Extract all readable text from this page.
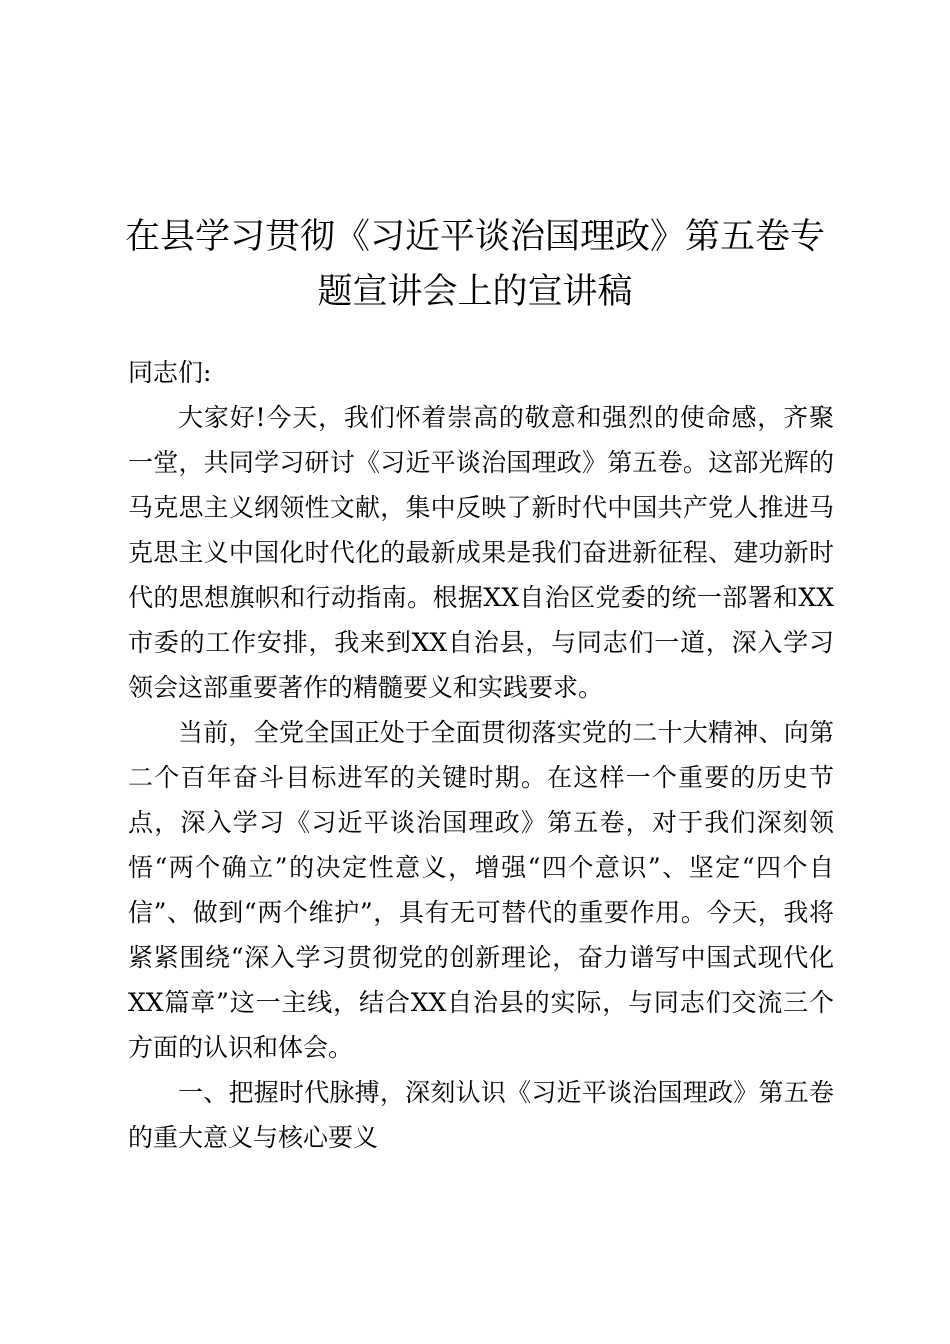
在县学习贯彻《习近平谈治国理政》第五卷专题宣讲会上的宣讲稿

同志们:

大家好!今天，我们怀着崇高的敬意和强烈的使命感，齐聚一堂，共同学习研讨《习近平谈治国理政》第五卷。这部光辉的马克思主义纲领性文献，集中反映了新时代中国共产党人推进马克思主义中国化时代化的最新成果是我们奋进新征程、建功新时代的思想旗帜和行动指南。根据XX自治区党委的统一部署和XX市委的工作安排，我来到XX自治县，与同志们一道，深入学习领会这部重要著作的精髓要义和实践要求。

当前，全党全国正处于全面贯彻落实党的二十大精神、向第二个百年奋斗目标进军的关键时期。在这样一个重要的历史节点，深入学习《习近平谈治国理政》第五卷，对于我们深刻领悟“两个确立”的决定性意义，增强“四个意识”、坚定“四个自信”、做到“两个维护”，具有无可替代的重要作用。今天，我将紧紧围绕“深入学习贯彻党的创新理论，奋力谱写中国式现代化XX篇章”这一主线，结合XX自治县的实际，与同志们交流三个方面的认识和体会。

一、把握时代脉搏，深刻认识《习近平谈治国理政》第五卷的重大意义与核心要义
